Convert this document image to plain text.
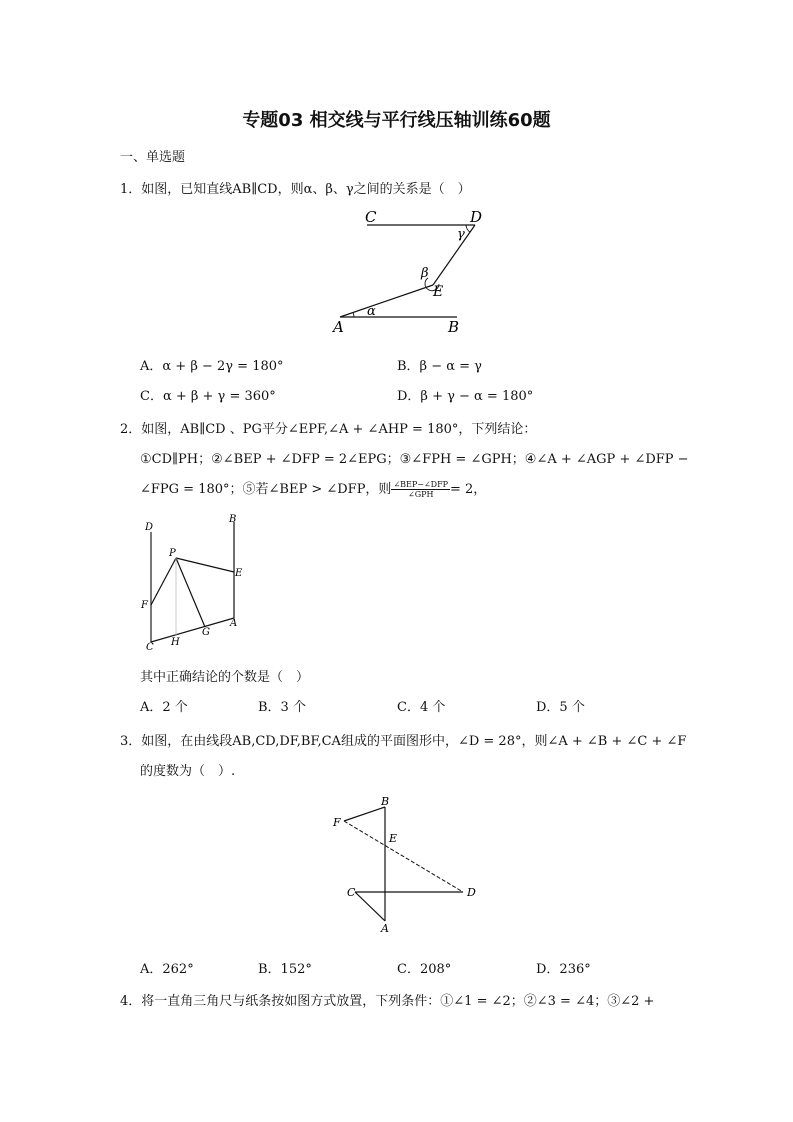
专题03 相交线与平行线压轴训练60题
一、单选题
1．如图，已知直线AB∥CD，则α、β、γ之间的关系是（　）
C	D
γ
β
E
α
A	B
A．α + β − 2γ = 180°	B．β − α = γ
C．α + β + γ = 360°	D．β + γ − α = 180°
2．如图，AB∥CD 、PG平分∠EPF,∠A + ∠AHP = 180°，下列结论：
①CD∥PH；②∠BEP + ∠DFP = 2∠EPG；③∠FPH = ∠GPH；④∠A + ∠AGP + ∠DFP −
∠FPG = 180°；⑤若∠BEP > ∠DFP，则 $\frac{\text{∠BEP−∠DFP}}{\text{∠GPH}} = 2$，
D
B
P
E
F
G
A
C H
其中正确结论的个数是（　）
A．2 个	B．3 个	C．4 个	D．5 个
3．如图，在由线段AB,CD,DF,BF,CA组成的平面图形中，∠D = 28°，则∠A + ∠B + ∠C + ∠F
的度数为（　）.
F
B
E
C	D
A
A．262°	B．152°	C．208°	D．236°
4．将一直角三角尺与纸条按如图方式放置，下列条件：①∠1 = ∠2；②∠3 = ∠4；③∠2 +
